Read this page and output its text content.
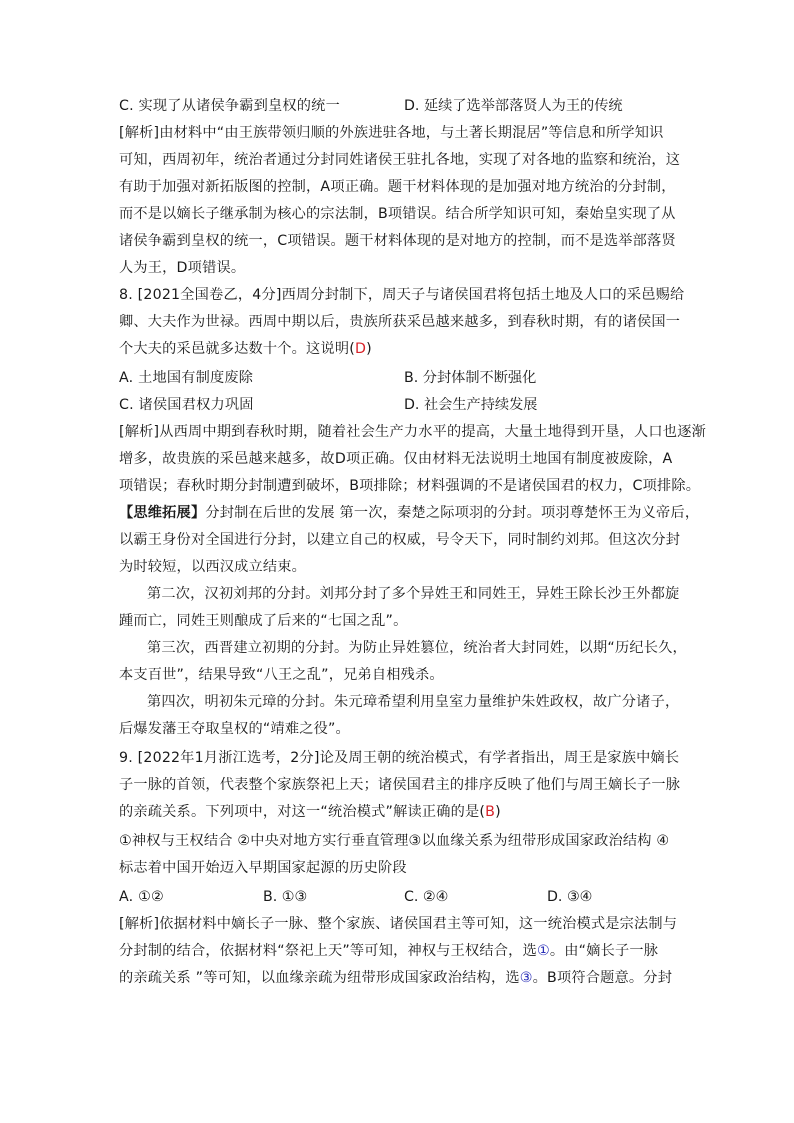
C. 实现了从诸侯争霸到皇权的统一	D. 延续了选举部落贤人为王的传统
[解析]由材料中“由王族带领归顺的外族进驻各地，与土著长期混居”等信息和所学知识
可知，西周初年，统治者通过分封同姓诸侯王驻扎各地，实现了对各地的监察和统治，这
有助于加强对新拓版图的控制，A项正确。题干材料体现的是加强对地方统治的分封制，
而不是以嫡长子继承制为核心的宗法制，B项错误。结合所学知识可知，秦始皇实现了从
诸侯争霸到皇权的统一，C项错误。题干材料体现的是对地方的控制，而不是选举部落贤
人为王，D项错误。
8. [2021全国卷乙，4分]西周分封制下，周天子与诸侯国君将包括土地及人口的采邑赐给
卿、大夫作为世禄。西周中期以后，贵族所获采邑越来越多，到春秋时期，有的诸侯国一
个大夫的采邑就多达数十个。这说明(D)
A. 土地国有制度废除	B. 分封体制不断强化
C. 诸侯国君权力巩固	D. 社会生产持续发展
[解析]从西周中期到春秋时期，随着社会生产力水平的提高，大量土地得到开垦，人口也逐渐
增多，故贵族的采邑越来越多，故D项正确。仅由材料无法说明土地国有制度被废除，A
项错误；春秋时期分封制遭到破坏，B项排除；材料强调的不是诸侯国君的权力，C项排除。
【思维拓展】分封制在后世的发展 第一次，秦楚之际项羽的分封。项羽尊楚怀王为义帝后，
以霸王身份对全国进行分封，以建立自己的权威，号令天下，同时制约刘邦。但这次分封
为时较短，以西汉成立结束。
第二次，汉初刘邦的分封。刘邦分封了多个异姓王和同姓王，异姓王除长沙王外都旋
踵而亡，同姓王则酿成了后来的“七国之乱”。
第三次，西晋建立初期的分封。为防止异姓篡位，统治者大封同姓，以期“历纪长久，
本支百世”，结果导致“八王之乱”，兄弟自相残杀。
第四次，明初朱元璋的分封。朱元璋希望利用皇室力量维护朱姓政权，故广分诸子，
后爆发藩王夺取皇权的“靖难之役”。
9. [2022年1月浙江选考，2分]论及周王朝的统治模式，有学者指出，周王是家族中嫡长
子一脉的首领，代表整个家族祭祀上天；诸侯国君主的排序反映了他们与周王嫡长子一脉
的亲疏关系。下列项中，对这一“统治模式”解读正确的是(B)
①神权与王权结合 ②中央对地方实行垂直管理③以血缘关系为纽带形成国家政治结构 ④
标志着中国开始迈入早期国家起源的历史阶段
A. ①②	B. ①③	C. ②④	D. ③④
[解析]依据材料中嫡长子一脉、整个家族、诸侯国君主等可知，这一统治模式是宗法制与
分封制的结合，依据材料“祭祀上天”等可知，神权与王权结合，选①。由“嫡长子一脉
的亲疏关系 ”等可知，以血缘亲疏为纽带形成国家政治结构，选③。B项符合题意。分封
